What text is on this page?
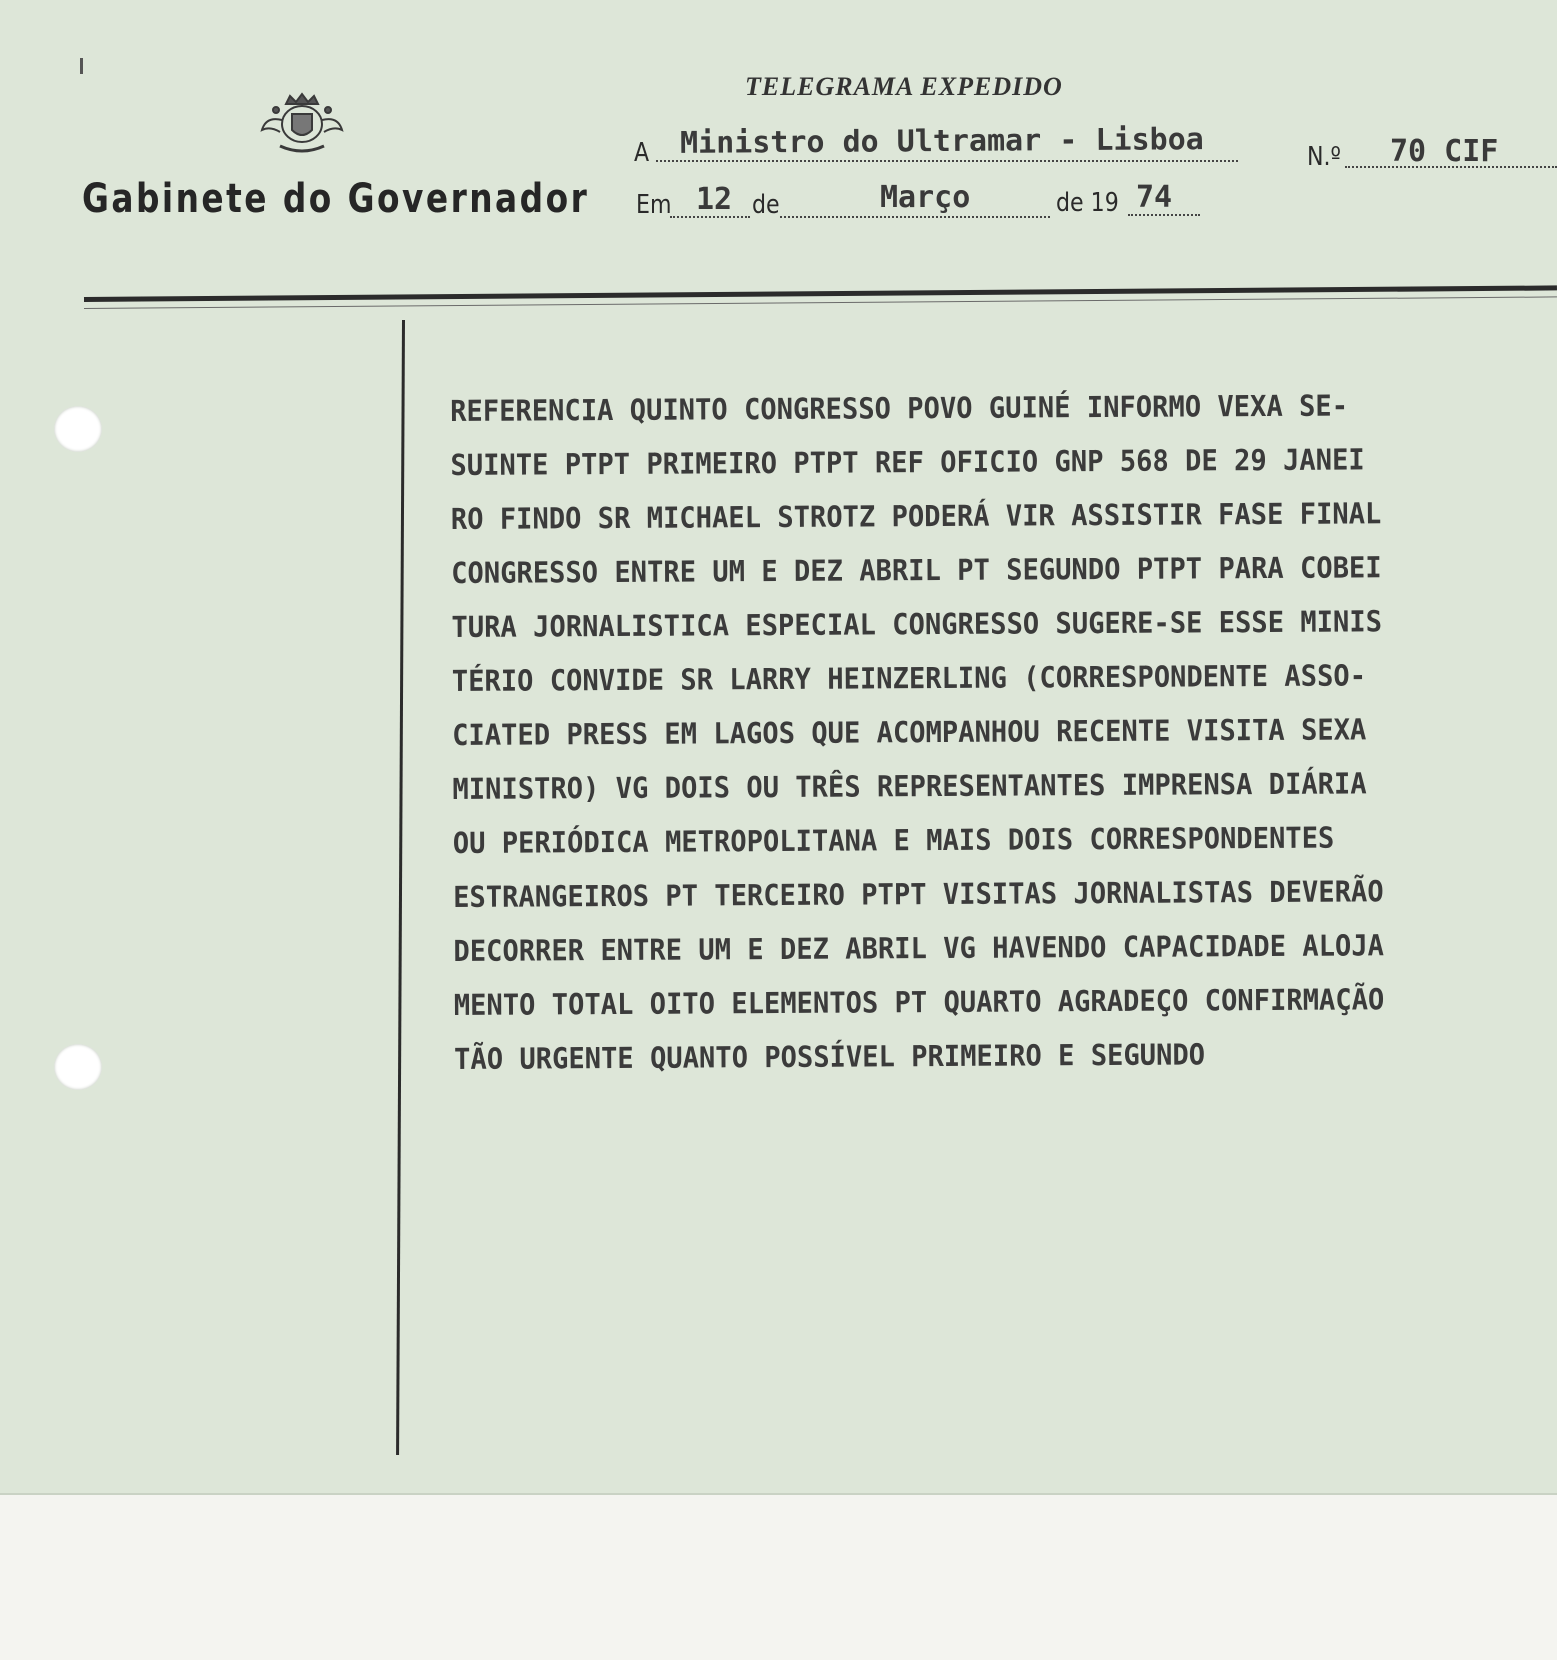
Gabinete do Governador
TELEGRAMA EXPEDIDO
A Ministro do Ultramar - Lisboa	N.º 70 CIF
Em 12 de	Março	de 19 74
REFERENCIA QUINTO CONGRESSO POVO GUINÉ INFORMO VEXA SE-
SUINTE PTPT PRIMEIRO PTPT REF OFICIO GNP 568 DE 29 JANEI
RO FINDO SR MICHAEL STROTZ PODERÁ VIR ASSISTIR FASE FINAL
CONGRESSO ENTRE UM E DEZ ABRIL PT SEGUNDO PTPT PARA COBEI
TURA JORNALISTICA ESPECIAL CONGRESSO SUGERE-SE ESSE MINIS
TÉRIO CONVIDE SR LARRY HEINZERLING (CORRESPONDENTE ASSO-
CIATED PRESS EM LAGOS QUE ACOMPANHOU RECENTE VISITA SEXA
MINISTRO) VG DOIS OU TRÊS REPRESENTANTES IMPRENSA DIÁRIA
OU PERIÓDICA METROPOLITANA E MAIS DOIS CORRESPONDENTES
ESTRANGEIROS PT TERCEIRO PTPT VISITAS JORNALISTAS DEVERÃO
DECORRER ENTRE UM E DEZ ABRIL VG HAVENDO CAPACIDADE ALOJA
MENTO TOTAL OITO ELEMENTOS PT QUARTO AGRADEÇO CONFIRMAÇÃO
TÃO URGENTE QUANTO POSSÍVEL PRIMEIRO E SEGUNDO
